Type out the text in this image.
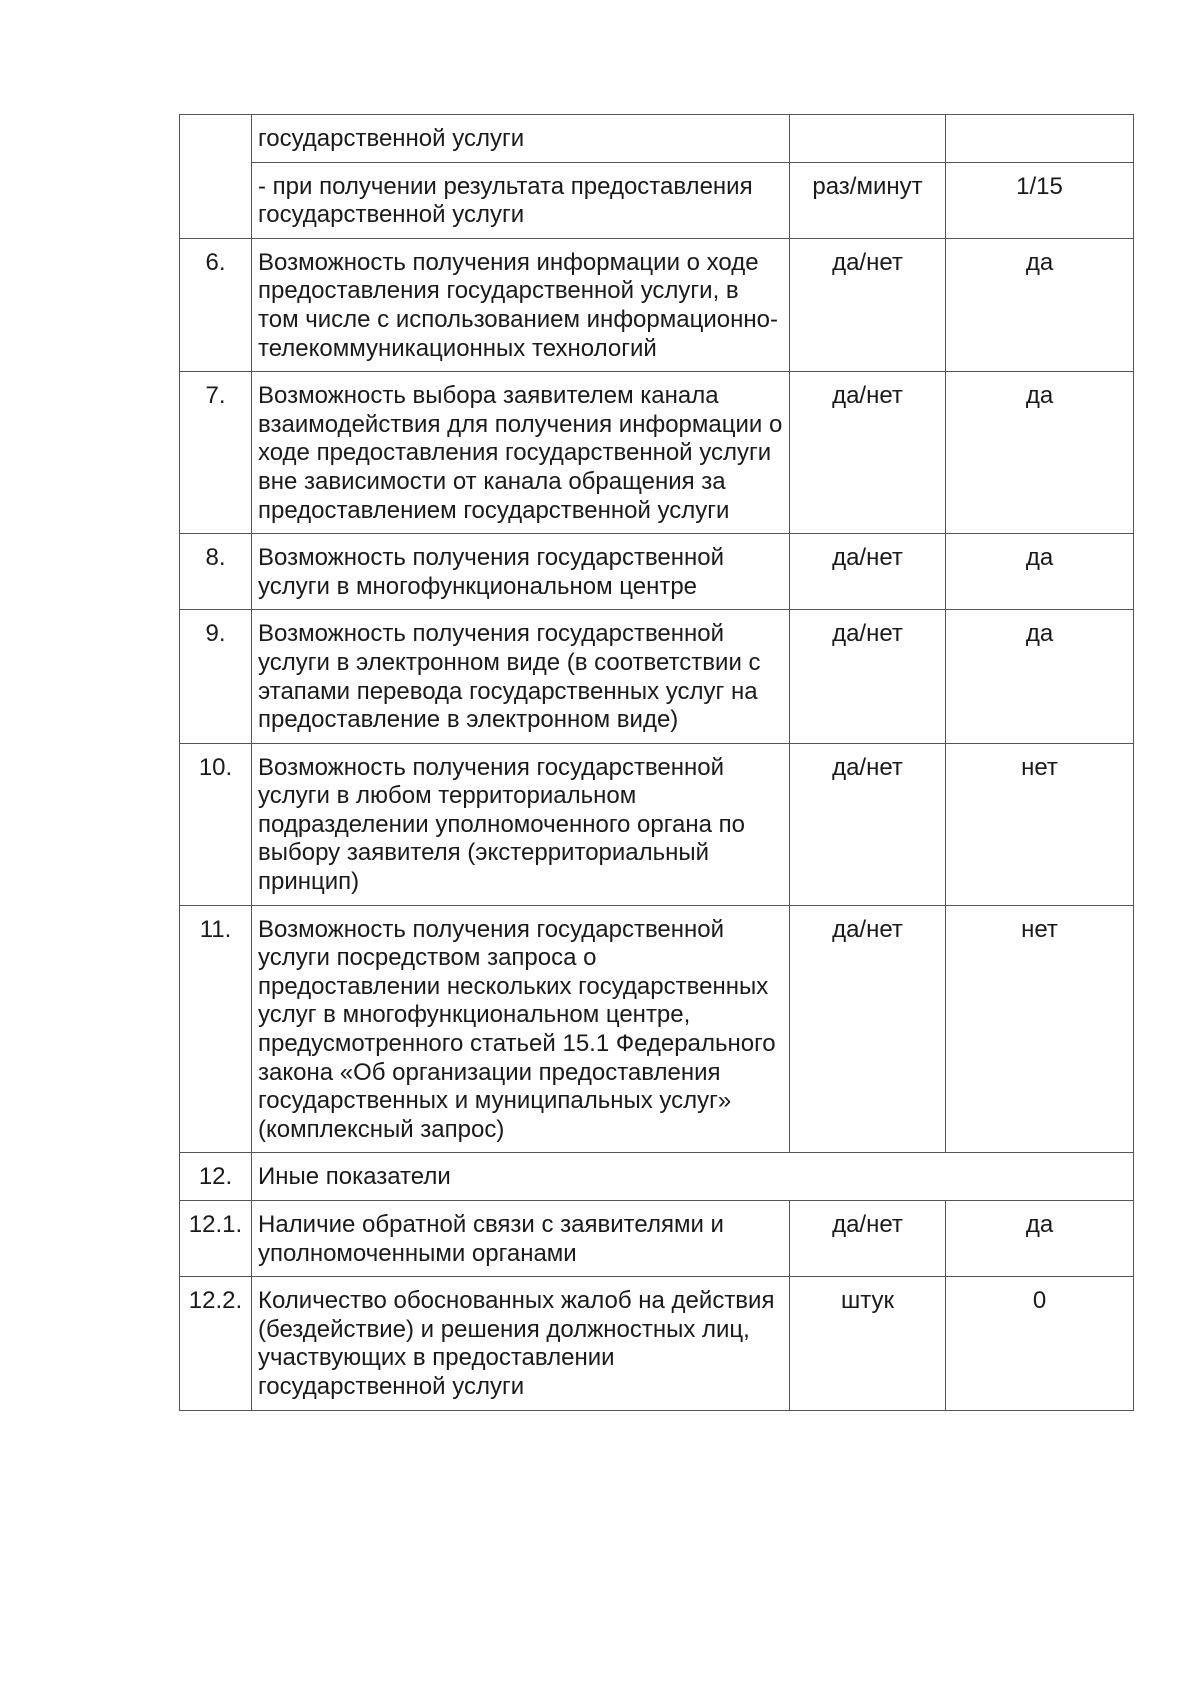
	государственной услуги		
	- при получении результата предоставления государственной услуги	раз/минут	1/15
6.	Возможность получения информации о ходе предоставления государственной услуги, в том числе с использованием информационно-телекоммуникационных технологий	да/нет	да
7.	Возможность выбора заявителем канала взаимодействия для получения информации о ходе предоставления государственной услуги вне зависимости от канала обращения за предоставлением государственной услуги	да/нет	да
8.	Возможность получения государственной услуги в многофункциональном центре	да/нет	да
9.	Возможность получения государственной услуги в электронном виде (в соответствии с этапами перевода государственных услуг на предоставление в электронном виде)	да/нет	да
10.	Возможность получения государственной услуги в любом территориальном подразделении уполномоченного органа по выбору заявителя (экстерриториальный принцип)	да/нет	нет
11.	Возможность получения государственной услуги посредством запроса о предоставлении нескольких государственных услуг в многофункциональном центре, предусмотренного статьей 15.1 Федерального закона «Об организации предоставления государственных и муниципальных услуг» (комплексный запрос)	да/нет	нет
12.	Иные показатели		
12.1.	Наличие обратной связи с заявителями и уполномоченными органами	да/нет	да
12.2.	Количество обоснованных жалоб на действия (бездействие) и решения должностных лиц, участвующих в предоставлении государственной услуги	штук	0
